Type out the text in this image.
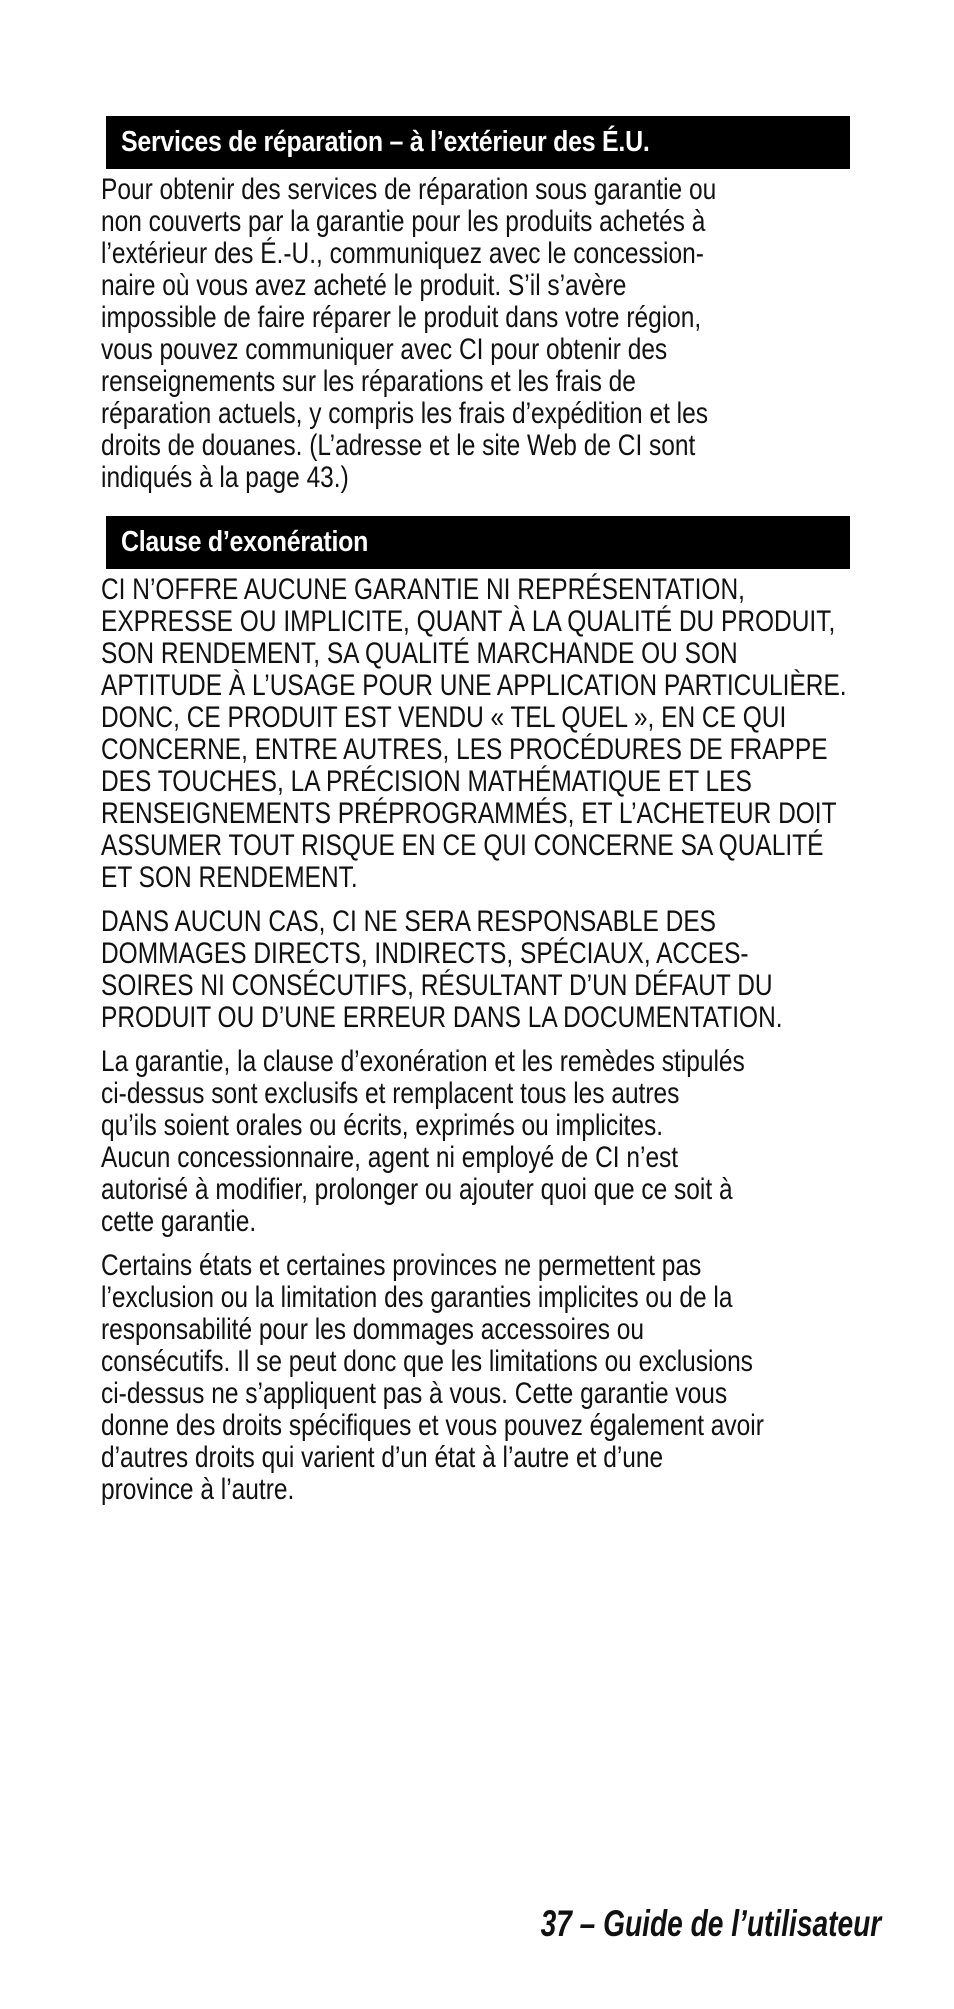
Services de réparation – à l’extérieur des É.U.

Pour obtenir des services de réparation sous garantie ou
non couverts par la garantie pour les produits achetés à
l’extérieur des É.-U., communiquez avec le concession-
naire où vous avez acheté le produit. S’il s’avère
impossible de faire réparer le produit dans votre région,
vous pouvez communiquer avec CI pour obtenir des
renseignements sur les réparations et les frais de
réparation actuels, y compris les frais d’expédition et les
droits de douanes. (L’adresse et le site Web de CI sont
indiqués à la page 43.)

Clause d’exonération

CI N’OFFRE AUCUNE GARANTIE NI REPRÉSENTATION,
EXPRESSE OU IMPLICITE, QUANT À LA QUALITÉ DU PRODUIT,
SON RENDEMENT, SA QUALITÉ MARCHANDE OU SON
APTITUDE À L’USAGE POUR UNE APPLICATION PARTICULIÈRE.
DONC, CE PRODUIT EST VENDU « TEL QUEL », EN CE QUI
CONCERNE, ENTRE AUTRES, LES PROCÉDURES DE FRAPPE
DES TOUCHES, LA PRÉCISION MATHÉMATIQUE ET LES
RENSEIGNEMENTS PRÉPROGRAMMÉS, ET L’ACHETEUR DOIT
ASSUMER TOUT RISQUE EN CE QUI CONCERNE SA QUALITÉ
ET SON RENDEMENT.

DANS AUCUN CAS, CI NE SERA RESPONSABLE DES
DOMMAGES DIRECTS, INDIRECTS, SPÉCIAUX, ACCES-
SOIRES NI CONSÉCUTIFS, RÉSULTANT D’UN DÉFAUT DU
PRODUIT OU D’UNE ERREUR DANS LA DOCUMENTATION.

La garantie, la clause d’exonération et les remèdes stipulés
ci-dessus sont exclusifs et remplacent tous les autres
qu’ils soient orales ou écrits, exprimés ou implicites.
Aucun concessionnaire, agent ni employé de CI n’est
autorisé à modifier, prolonger ou ajouter quoi que ce soit à
cette garantie.

Certains états et certaines provinces ne permettent pas
l’exclusion ou la limitation des garanties implicites ou de la
responsabilité pour les dommages accessoires ou
consécutifs. Il se peut donc que les limitations ou exclusions
ci-dessus ne s’appliquent pas à vous. Cette garantie vous
donne des droits spécifiques et vous pouvez également avoir
d’autres droits qui varient d’un état à l’autre et d’une
province à l’autre.

37 – Guide de l’utilisateur
